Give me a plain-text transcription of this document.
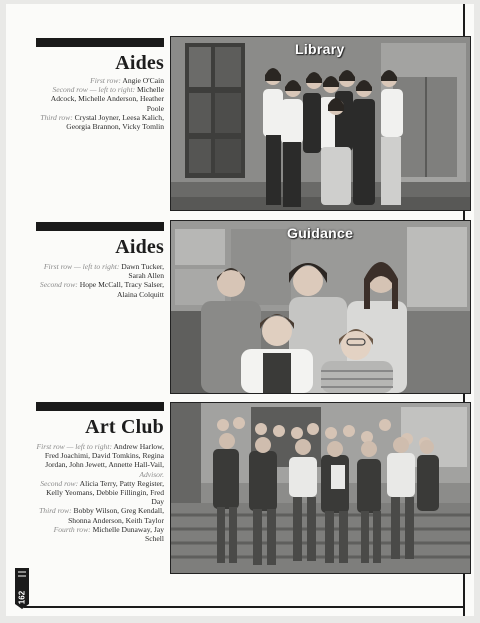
Aides
First row: Angie O'Cain
Second row — left to right: Michelle Adcock, Michelle Anderson, Heather Poole
Third row: Crystal Joyner, Leesa Kalich, Georgia Brannon, Vicky Tomlin
Library
Aides
First row — left to right: Dawn Tucker, Sarah Allen
Second row: Hope McCall, Tracy Salser, Alaina Colquitt
Guidance
Art Club
First row — left to right: Andrew Harlow, Fred Joachimi, David Tomkins, Regina Jordan, John Jewett, Annette Hall-Vail, Advisor.
Second row: Alicia Terry, Patty Register, Kelly Yeomans, Debbie Fillingin, Fred Day
Third row: Bobby Wilson, Greg Kendall, Shonna Anderson, Keith Taylor
Fourth row: Michelle Dunaway, Jay Schell
162
